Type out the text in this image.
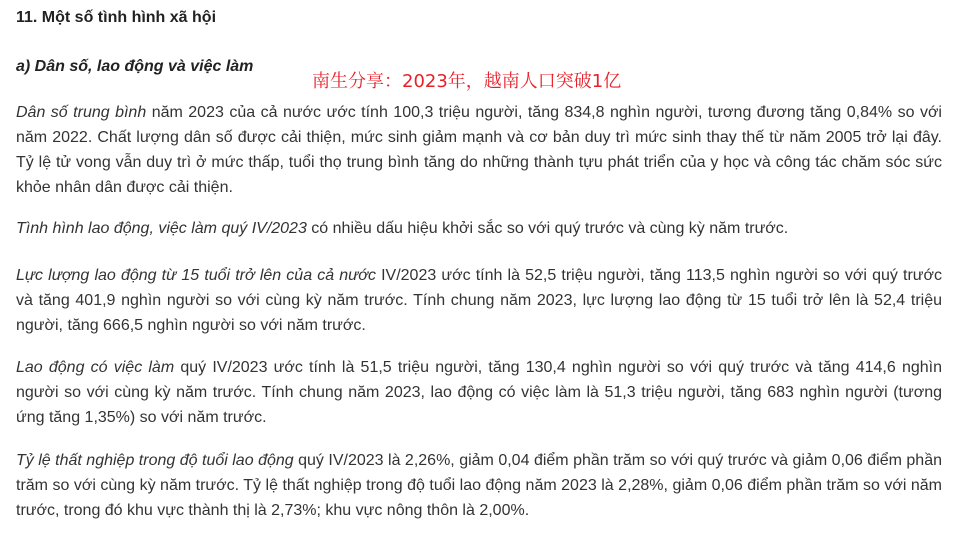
11. Một số tình hình xã hội
a) Dân số, lao động và việc làm
南生分享：2023年，越南人口突破1亿

Dân số trung bình năm 2023 của cả nước ước tính 100,3 triệu người, tăng 834,8 nghìn người, tương đương tăng 0,84% so với năm 2022. Chất lượng dân số được cải thiện, mức sinh giảm mạnh và cơ bản duy trì mức sinh thay thế từ năm 2005 trở lại đây. Tỷ lệ tử vong vẫn duy trì ở mức thấp, tuổi thọ trung bình tăng do những thành tựu phát triển của y học và công tác chăm sóc sức khỏe nhân dân được cải thiện.

Tình hình lao động, việc làm quý IV/2023 có nhiều dấu hiệu khởi sắc so với quý trước và cùng kỳ năm trước.

Lực lượng lao động từ 15 tuổi trở lên của cả nước IV/2023 ước tính là 52,5 triệu người, tăng 113,5 nghìn người so với quý trước và tăng 401,9 nghìn người so với cùng kỳ năm trước. Tính chung năm 2023, lực lượng lao động từ 15 tuổi trở lên là 52,4 triệu người, tăng 666,5 nghìn người so với năm trước.

Lao động có việc làm quý IV/2023 ước tính là 51,5 triệu người, tăng 130,4 nghìn người so với quý trước và tăng 414,6 nghìn người so với cùng kỳ năm trước. Tính chung năm 2023, lao động có việc làm là 51,3 triệu người, tăng 683 nghìn người (tương ứng tăng 1,35%) so với năm trước.

Tỷ lệ thất nghiệp trong độ tuổi lao động quý IV/2023 là 2,26%, giảm 0,04 điểm phần trăm so với quý trước và giảm 0,06 điểm phần trăm so với cùng kỳ năm trước. Tỷ lệ thất nghiệp trong độ tuổi lao động năm 2023 là 2,28%, giảm 0,06 điểm phần trăm so với năm trước, trong đó khu vực thành thị là 2,73%; khu vực nông thôn là 2,00%.
